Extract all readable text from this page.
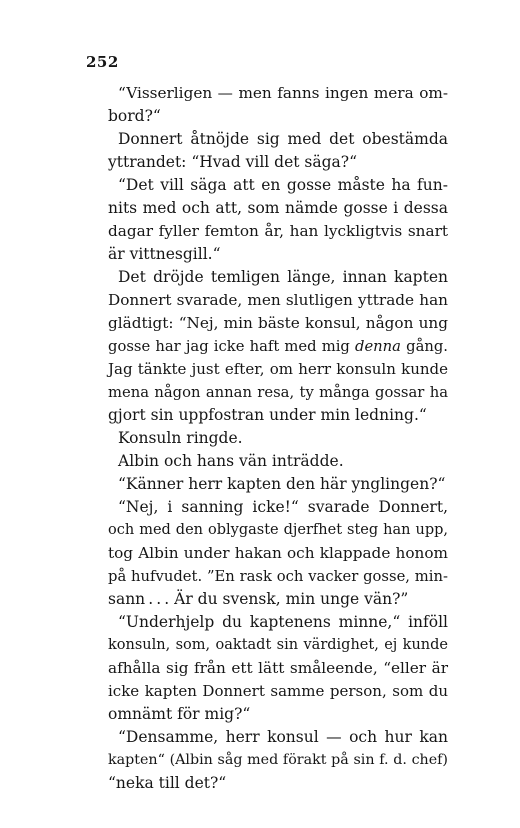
252
“Visserligen — men fanns ingen mera om-
bord?“
Donnert åtnöjde sig med det obestämda
yttrandet: “Hvad vill det säga?“
“Det vill säga att en gosse måste ha fun-
nits med och att, som nämde gosse i dessa
dagar fyller femton år, han lyckligtvis snart
är vittnesgill.“
Det dröjde temligen länge, innan kapten
Donnert svarade, men slutligen yttrade han
glädtigt: “Nej, min bäste konsul, någon ung
gosse har jag icke haft med mig denna gång.
Jag tänkte just efter, om herr konsuln kunde
mena någon annan resa, ty många gossar ha
gjort sin uppfostran under min ledning.“
Konsuln ringde.
Albin och hans vän inträdde.
“Känner herr kapten den här ynglingen?“
“Nej, i sanning icke!“ svarade Donnert,
och med den oblygaste djerfhet steg han upp,
tog Albin under hakan och klappade honom
på hufvudet. ”En rask och vacker gosse, min-
sann . . . Är du svensk, min unge vän?”
“Underhjelp du kaptenens minne,“ inföll
konsuln, som, oaktadt sin värdighet, ej kunde
afhålla sig från ett lätt småleende, “eller är
icke kapten Donnert samme person, som du
omnämt för mig?“
“Densamme, herr konsul — och hur kan
kapten“ (Albin såg med förakt på sin f. d. chef)
“neka till det?“
